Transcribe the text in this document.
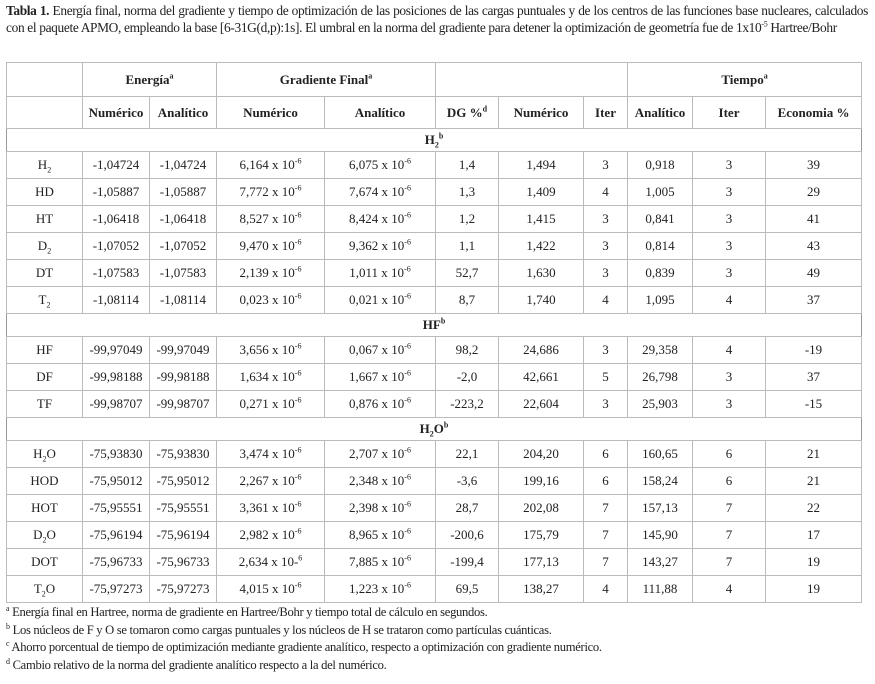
Tabla 1. Energía final, norma del gradiente y tiempo de optimización de las posiciones de las cargas puntuales y de los centros de las funciones base nucleares, calculados con el paquete APMO, empleando la base [6-31G(d,p):1s]. El umbral en la norma del gradiente para detener la optimización de geometría fue de $1x10^{-5}$ Hartree/Bohr
	Energía$^a$		Gradiente Final$^a$					Tiempo$^a$
	Numérico	Analítico	Numérico	Analítico	DG %$^d$	Numérico	Iter	Analítico	Iter	Economia %
$H_2^b$
$H_2$	-1,04724	-1,04724	6,164 x $10^{-6}$	6,075 x $10^{-6}$	1,4	1,494	3	0,918	3	39
HD	-1,05887	-1,05887	7,772 x $10^{-6}$	7,674 x $10^{-6}$	1,3	1,409	4	1,005	3	29
HT	-1,06418	-1,06418	8,527 x $10^{-6}$	8,424 x $10^{-6}$	1,2	1,415	3	0,841	3	41
$D_2$	-1,07052	-1,07052	9,470 x $10^{-6}$	9,362 x $10^{-6}$	1,1	1,422	3	0,814	3	43
DT	-1,07583	-1,07583	2,139 x $10^{-6}$	1,011 x $10^{-6}$	52,7	1,630	3	0,839	3	49
$T_2$	-1,08114	-1,08114	0,023 x $10^{-6}$	0,021 x $10^{-6}$	8,7	1,740	4	1,095	4	37
$HF^b$
HF	-99,97049	-99,97049	3,656 x $10^{-6}$	0,067 x $10^{-6}$	98,2	24,686	3	29,358	4	-19
DF	-99,98188	-99,98188	1,634 x $10^{-6}$	1,667 x $10^{-6}$	-2,0	42,661	5	26,798	3	37
TF	-99,98707	-99,98707	0,271 x $10^{-6}$	0,876 x $10^{-6}$	-223,2	22,604	3	25,903	3	-15
$H_2O^b$
$H_2O$	-75,93830	-75,93830	3,474 x $10^{-6}$	2,707 x $10^{-6}$	22,1	204,20	6	160,65	6	21
HOD	-75,95012	-75,95012	2,267 x $10^{-6}$	2,348 x $10^{-6}$	-3,6	199,16	6	158,24	6	21
HOT	-75,95551	-75,95551	3,361 x $10^{-6}$	2,398 x $10^{-6}$	28,7	202,08	7	157,13	7	22
$D_2O$	-75,96194	-75,96194	2,982 x $10^{-6}$	8,965 x $10^{-6}$	-200,6	175,79	7	145,90	7	17
DOT	-75,96733	-75,96733	2,634 x 10-$^6$	7,885 x $10^{-6}$	-199,4	177,13	7	143,27	7	19
$T_2O$	-75,97273	-75,97273	4,015 x $10^{-6}$	1,223 x $10^{-6}$	69,5	138,27	4	111,88	4	19
$^a$ Energía final en Hartree, norma de gradiente en Hartree/Bohr y tiempo total de cálculo en segundos.
$^b$ Los núcleos de F y O se tomaron como cargas puntuales y los núcleos de H se trataron como partículas cuánticas.
$^c$ Ahorro porcentual de tiempo de optimización mediante gradiente analítico, respecto a optimización con gradiente numérico.
$^d$ Cambio relativo de la norma del gradiente analítico respecto a la del numérico.
